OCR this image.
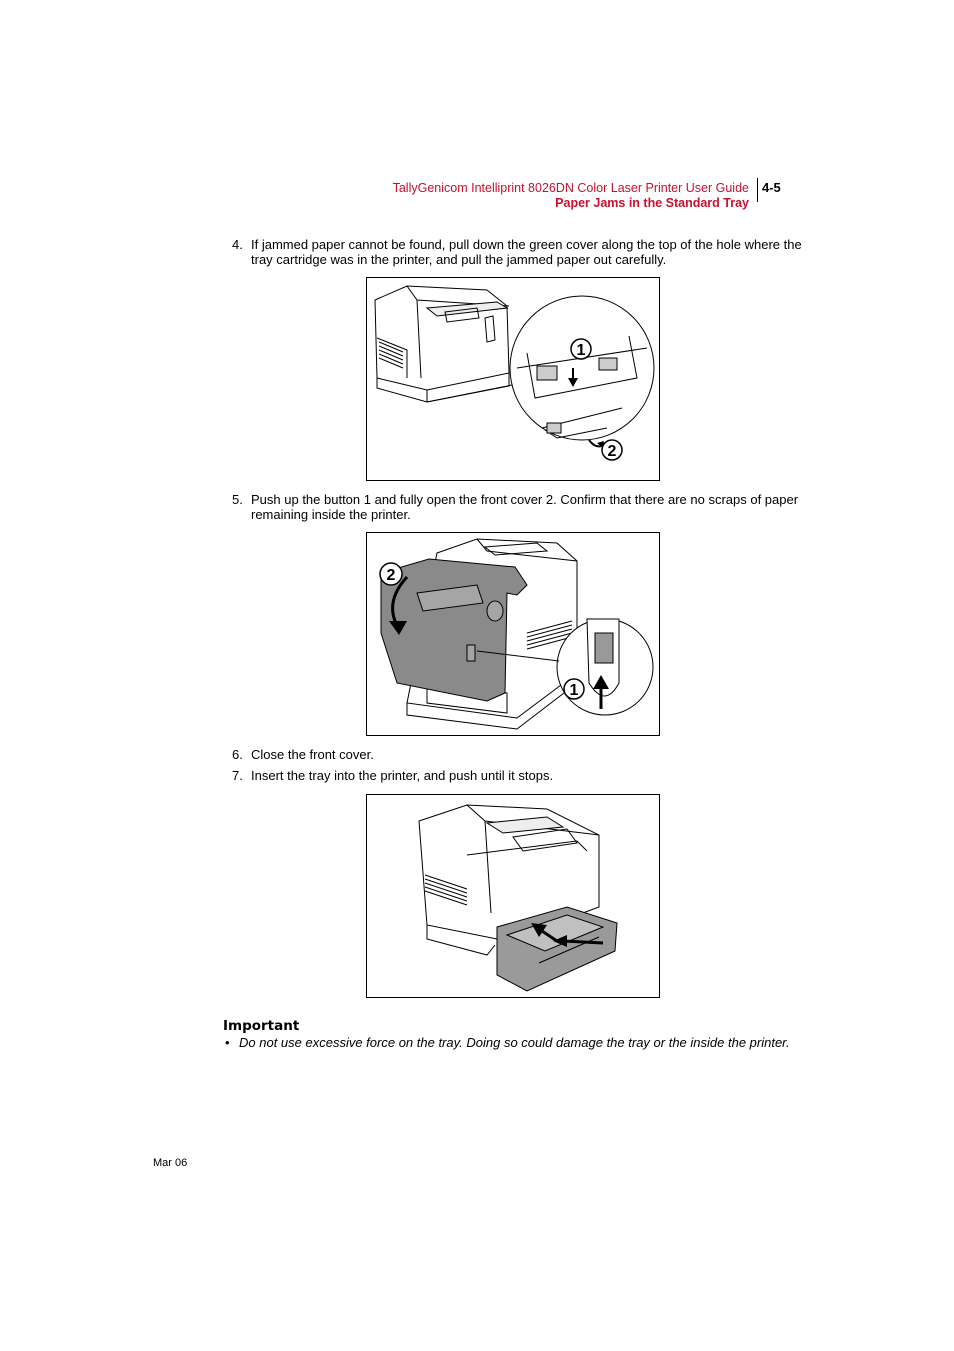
TallyGenicom Intelliprint 8026DN Color Laser Printer User Guide
Paper Jams in the Standard Tray
4-5
4. If jammed paper cannot be found, pull down the green cover along the top of the hole where the tray cartridge was in the printer, and pull the jammed paper out carefully.
1
2
5. Push up the button 1 and fully open the front cover 2. Confirm that there are no scraps of paper remaining inside the printer.
1
2
6. Close the front cover.
7. Insert the tray into the printer, and push until it stops.
Important
• Do not use excessive force on the tray. Doing so could damage the tray or the inside the printer.
Mar 06
